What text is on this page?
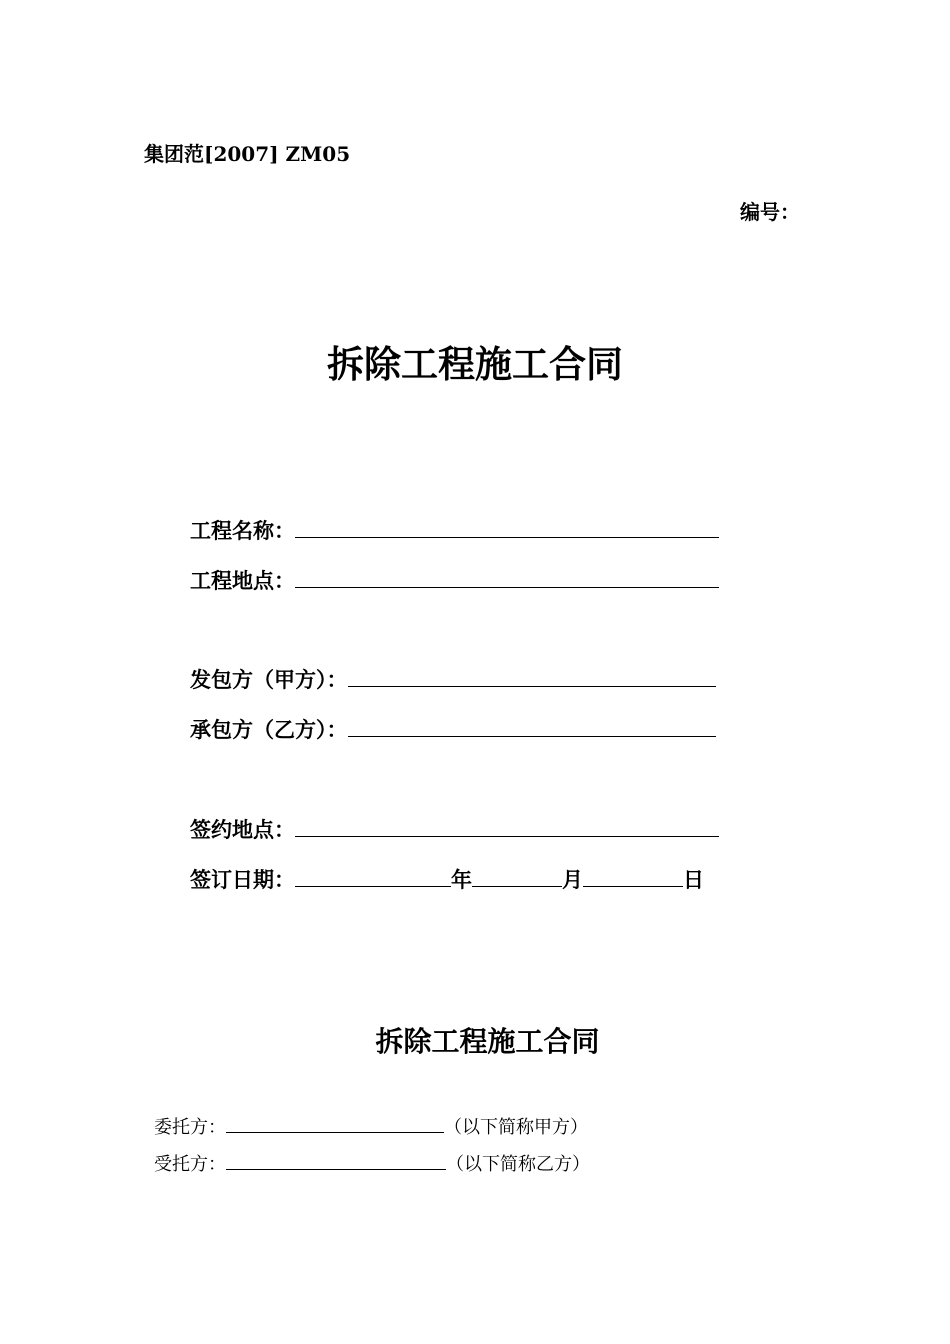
集团范[2007] ZM05
编号：
拆除工程施工合同
工程名称：
工程地点：
发包方（甲方）：
承包方（乙方）：
签约地点：
签订日期：	年	月	日
拆除工程施工合同
委托方：	（以下简称甲方）
受托方：	（以下简称乙方）
